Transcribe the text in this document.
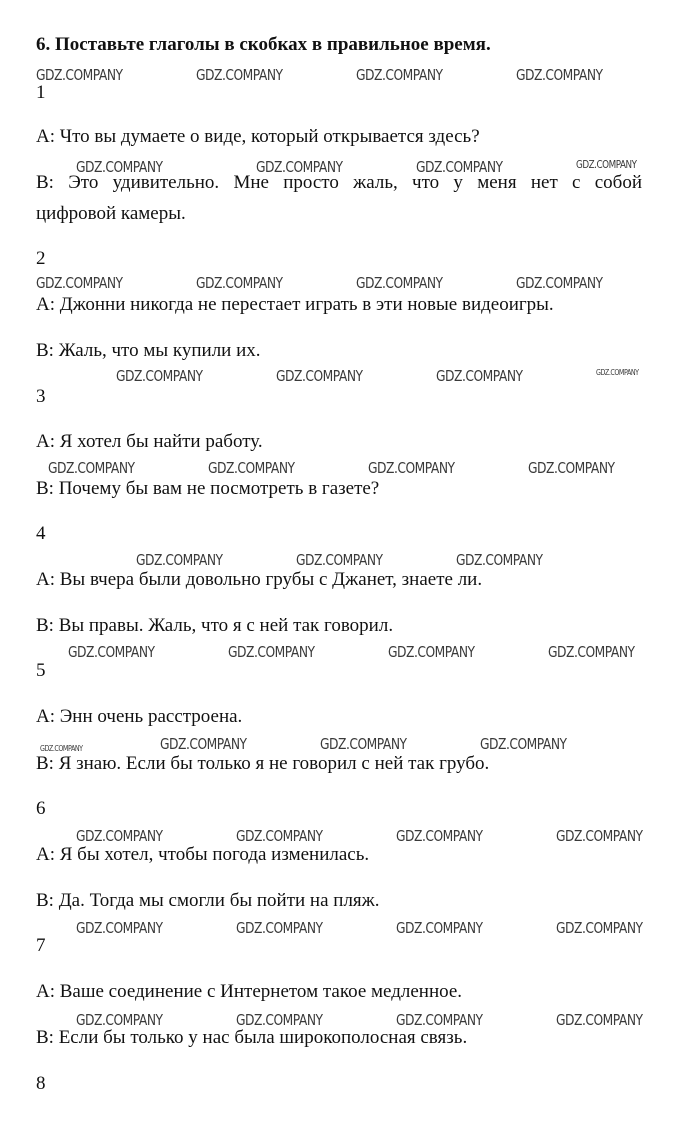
6. Поставьте глаголы в скобках в правильное время.
1
A: Что вы думаете о виде, который открывается здесь?
B: Это удивительно. Мне просто жаль, что у меня нет с собой
цифровой камеры.
2
A: Джонни никогда не перестает играть в эти новые видеоигры.
B: Жаль, что мы купили их.
3
A: Я хотел бы найти работу.
B: Почему бы вам не посмотреть в газете?
4
A: Вы вчера были довольно грубы с Джанет, знаете ли.
B: Вы правы. Жаль, что я с ней так говорил.
5
A: Энн очень расстроена.
B: Я знаю. Если бы только я не говорил с ней так грубо.
6
A: Я бы хотел, чтобы погода изменилась.
B: Да. Тогда мы смогли бы пойти на пляж.
7
A: Ваше соединение с Интернетом такое медленное.
B: Если бы только у нас была широкополосная связь.
8
GDZ.COMPANY	GDZ.COMPANY	GDZ.COMPANY	GDZ.COMPANY
GDZ.COMPANY	GDZ.COMPANY	GDZ.COMPANY	GDZ.COMPANY
GDZ.COMPANY	GDZ.COMPANY	GDZ.COMPANY	GDZ.COMPANY
GDZ.COMPANY	GDZ.COMPANY	GDZ.COMPANY	GDZ.COMPANY
GDZ.COMPANY	GDZ.COMPANY	GDZ.COMPANY	GDZ.COMPANY
GDZ.COMPANY	GDZ.COMPANY	GDZ.COMPANY
GDZ.COMPANY	GDZ.COMPANY	GDZ.COMPANY	GDZ.COMPANY
GDZ.COMPANY	GDZ.COMPANY	GDZ.COMPANY	GDZ.COMPANY
GDZ.COMPANY	GDZ.COMPANY	GDZ.COMPANY	GDZ.COMPANY
GDZ.COMPANY	GDZ.COMPANY	GDZ.COMPANY	GDZ.COMPANY
GDZ.COMPANY	GDZ.COMPANY	GDZ.COMPANY	GDZ.COMPANY
